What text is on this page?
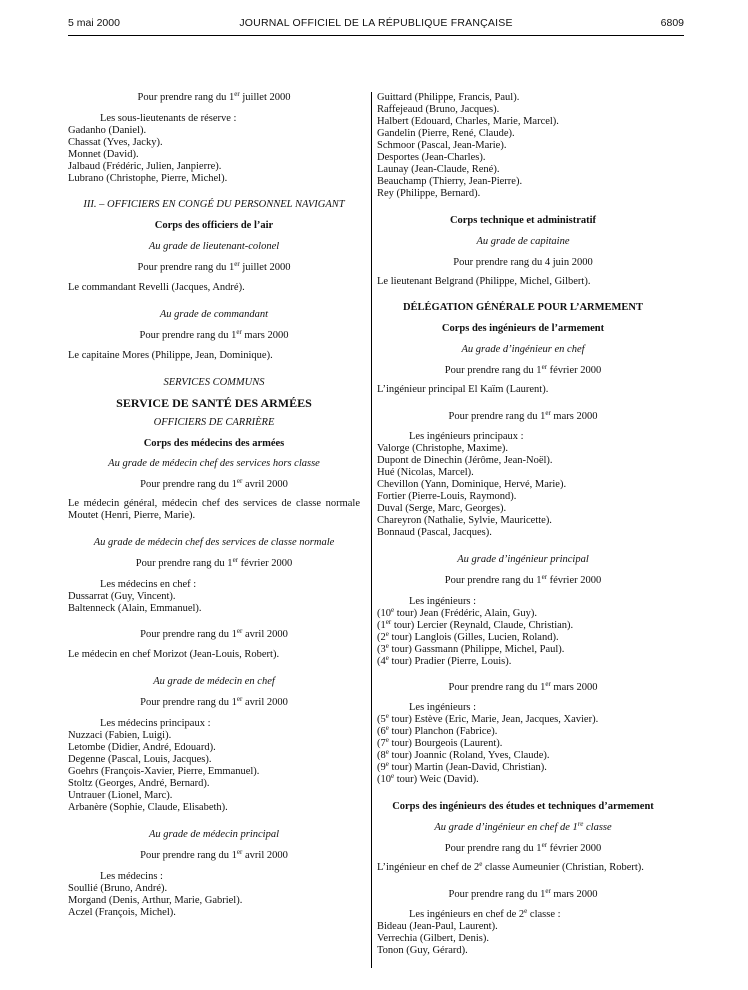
5 mai 2000	JOURNAL OFFICIEL DE LA RÉPUBLIQUE FRANÇAISE	6809

Pour prendre rang du 1er juillet 2000

Les sous-lieutenants de réserve :

Gadanho (Daniel).

Chassat (Yves, Jacky).

Monnet (David).

Jalbaud (Frédéric, Julien, Janpierre).

Lubrano (Christophe, Pierre, Michel).

III. – OFFICIERS EN CONGÉ DU PERSONNEL NAVIGANT

Corps des officiers de l’air

Au grade de lieutenant-colonel

Pour prendre rang du 1er juillet 2000

Le commandant Revelli (Jacques, André).

Au grade de commandant

Pour prendre rang du 1er mars 2000

Le capitaine Mores (Philippe, Jean, Dominique).

SERVICES COMMUNS

SERVICE DE SANTÉ DES ARMÉES

OFFICIERS DE CARRIÈRE

Corps des médecins des armées

Au grade de médecin chef des services hors classe

Pour prendre rang du 1er avril 2000

Le médecin général, médecin chef des services de classe normale Moutet (Henri, Pierre, Marie).

Au grade de médecin chef des services de classe normale

Pour prendre rang du 1er février 2000

Les médecins en chef :

Dussarrat (Guy, Vincent).

Baltenneck (Alain, Emmanuel).

Pour prendre rang du 1er avril 2000

Le médecin en chef Morizot (Jean-Louis, Robert).

Au grade de médecin en chef

Pour prendre rang du 1er avril 2000

Les médecins principaux :

Nuzzaci (Fabien, Luigi).

Letombe (Didier, André, Edouard).

Degenne (Pascal, Louis, Jacques).

Goehrs (François-Xavier, Pierre, Emmanuel).

Stoltz (Georges, André, Bernard).

Untrauer (Lionel, Marc).

Arbanère (Sophie, Claude, Elisabeth).

Au grade de médecin principal

Pour prendre rang du 1er avril 2000

Les médecins :

Soullié (Bruno, André).

Morgand (Denis, Arthur, Marie, Gabriel).

Aczel (François, Michel).

Guittard (Philippe, Francis, Paul).

Raffejeaud (Bruno, Jacques).

Halbert (Edouard, Charles, Marie, Marcel).

Gandelin (Pierre, René, Claude).

Schmoor (Pascal, Jean-Marie).

Desportes (Jean-Charles).

Launay (Jean-Claude, René).

Beauchamp (Thierry, Jean-Pierre).

Rey (Philippe, Bernard).

Corps technique et administratif

Au grade de capitaine

Pour prendre rang du 4 juin 2000

Le lieutenant Belgrand (Philippe, Michel, Gilbert).

DÉLÉGATION GÉNÉRALE POUR L’ARMEMENT

Corps des ingénieurs de l’armement

Au grade d’ingénieur en chef

Pour prendre rang du 1er février 2000

L’ingénieur principal El Kaïm (Laurent).

Pour prendre rang du 1er mars 2000

Les ingénieurs principaux :

Valorge (Christophe, Maxime).

Dupont de Dinechin (Jérôme, Jean-Noël).

Hué (Nicolas, Marcel).

Chevillon (Yann, Dominique, Hervé, Marie).

Fortier (Pierre-Louis, Raymond).

Duval (Serge, Marc, Georges).

Chareyron (Nathalie, Sylvie, Mauricette).

Bonnaud (Pascal, Jacques).

Au grade d’ingénieur principal

Pour prendre rang du 1er février 2000

Les ingénieurs :

(10e tour) Jean (Frédéric, Alain, Guy).

(1er tour) Lercier (Reynald, Claude, Christian).

(2e tour) Langlois (Gilles, Lucien, Roland).

(3e tour) Gassmann (Philippe, Michel, Paul).

(4e tour) Pradier (Pierre, Louis).

Pour prendre rang du 1er mars 2000

Les ingénieurs :

(5e tour) Estève (Eric, Marie, Jean, Jacques, Xavier).

(6e tour) Planchon (Fabrice).

(7e tour) Bourgeois (Laurent).

(8e tour) Joannic (Roland, Yves, Claude).

(9e tour) Martin (Jean-David, Christian).

(10e tour) Weic (David).

Corps des ingénieurs des études et techniques d’armement

Au grade d’ingénieur en chef de 1re classe

Pour prendre rang du 1er février 2000

L’ingénieur en chef de 2e classe Aumeunier (Christian, Robert).

Pour prendre rang du 1er mars 2000

Les ingénieurs en chef de 2e classe :

Bideau (Jean-Paul, Laurent).

Verrechia (Gilbert, Denis).

Tonon (Guy, Gérard).
